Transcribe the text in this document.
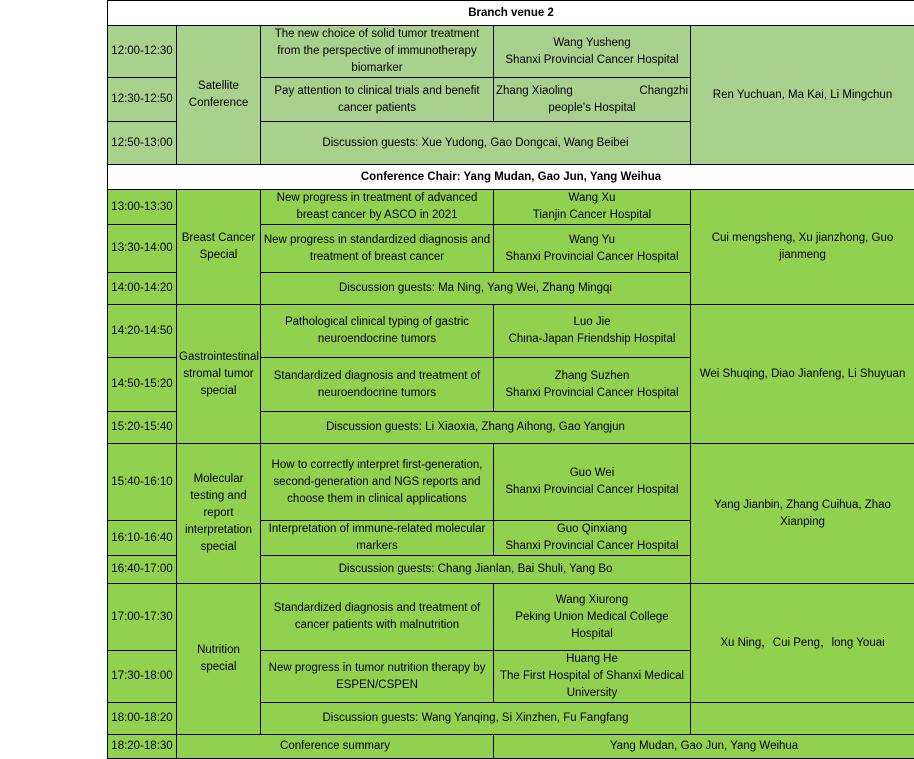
Branch venue 2				
12:00-12:30	Satellite Conference	The new choice of solid tumor treatment from the perspective of immunotherapy biomarker	Wang Yusheng
Shanxi Provincial Cancer Hospital	Ren Yuchuan, Ma Kai, Li Mingchun
12:30-12:50		Pay attention to clinical trials and benefit cancer patients	Zhang Xiaoling Changzhi
people's Hospital	

12:50-13:00		Discussion guests: Xue Yudong, Gao Dongcai, Wang Beibei		
Conference Chair: Yang Mudan, Gao Jun, Yang Weihua				
13:00-13:30	Breast Cancer Special	New progress in treatment of advanced breast cancer by ASCO in 2021	Wang Xu
Tianjin Cancer Hospital	Cui mengsheng, Xu jianzhong, Guo jianmeng
13:30-14:00		New progress in standardized diagnosis and treatment of breast cancer	Wang Yu
Shanxi Provincial Cancer Hospital	

14:00-14:20		Discussion guests: Ma Ning, Yang Wei, Zhang Mingqi		
14:20-14:50	Gastrointestinal stromal tumor special	Pathological clinical typing of gastric neuroendocrine tumors	Luo Jie
China-Japan Friendship Hospital	Wei Shuqing, Diao Jianfeng, Li Shuyuan
14:50-15:20		Standardized diagnosis and treatment of neuroendocrine tumors	Zhang Suzhen
Shanxi Provincial Cancer Hospital	

15:20-15:40		Discussion guests: Li Xiaoxia, Zhang Aihong, Gao Yangjun		
15:40-16:10	Molecular testing and report interpretation special	How to correctly interpret first-generation, second-generation and NGS reports and choose them in clinical applications	Guo Wei
Shanxi Provincial Cancer Hospital	Yang Jianbin, Zhang Cuihua, Zhao Xianping
16:10-16:40		Interpretation of immune-related molecular markers	Guo Qinxiang
Shanxi Provincial Cancer Hospital	

16:40-17:00		Discussion guests: Chang Jianlan, Bai Shuli, Yang Bo		
17:00-17:30	Nutrition special	Standardized diagnosis and treatment of cancer patients with malnutrition	Wang Xiurong
Peking Union Medical College Hospital	Xu Ning，Cui Peng，long Youai
17:30-18:00		New progress in tumor nutrition therapy by ESPEN/CSPEN	Huang He
The First Hospital of Shanxi Medical University	

18:00-18:20		Discussion guests: Wang Yanqing, Si Xinzhen, Fu Fangfang		
18:20-18:30	Conference summary		Yang Mudan, Gao Jun, Yang Weihua	
